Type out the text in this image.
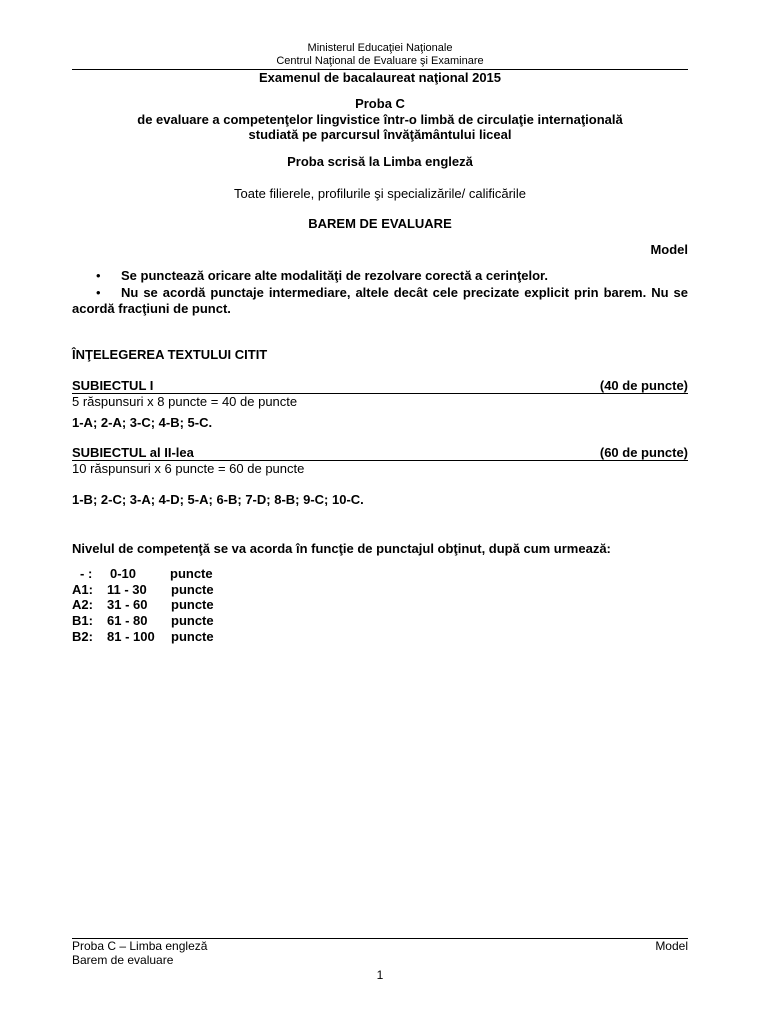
Ministerul Educaţiei Naţionale
Centrul Naţional de Evaluare şi Examinare
Examenul de bacalaureat naţional 2015
Proba C
de evaluare a competenţelor lingvistice într-o limbă de circulaţie internaţională
studiată pe parcursul învăţământului liceal
Proba scrisă la Limba engleză
Toate filierele, profilurile şi specializările/ calificările
BAREM DE EVALUARE
Model
•	Se punctează oricare alte modalităţi de rezolvare corectă a cerinţelor.
•	Nu se acordă punctaje intermediare, altele decât cele precizate explicit prin barem. Nu se acordă fracţiuni de punct.
ÎNŢELEGEREA TEXTULUI CITIT
SUBIECTUL I	(40 de puncte)
5 răspunsuri x 8 puncte = 40 de puncte
1-A; 2-A; 3-C; 4-B; 5-C.
SUBIECTUL al II-lea	(60 de puncte)
10 răspunsuri x 6 puncte = 60 de puncte
1-B; 2-C; 3-A; 4-D; 5-A; 6-B; 7-D; 8-B; 9-C; 10-C.
Nivelul de competenţă se va acorda în funcţie de punctajul obţinut, după cum urmează:
- : 0-10	puncte
A1: 11 - 30 puncte
A2: 31 - 60 puncte
B1: 61 - 80 puncte
B2: 81 - 100 puncte
Proba C – Limba engleză	Model
Barem de evaluare
1
